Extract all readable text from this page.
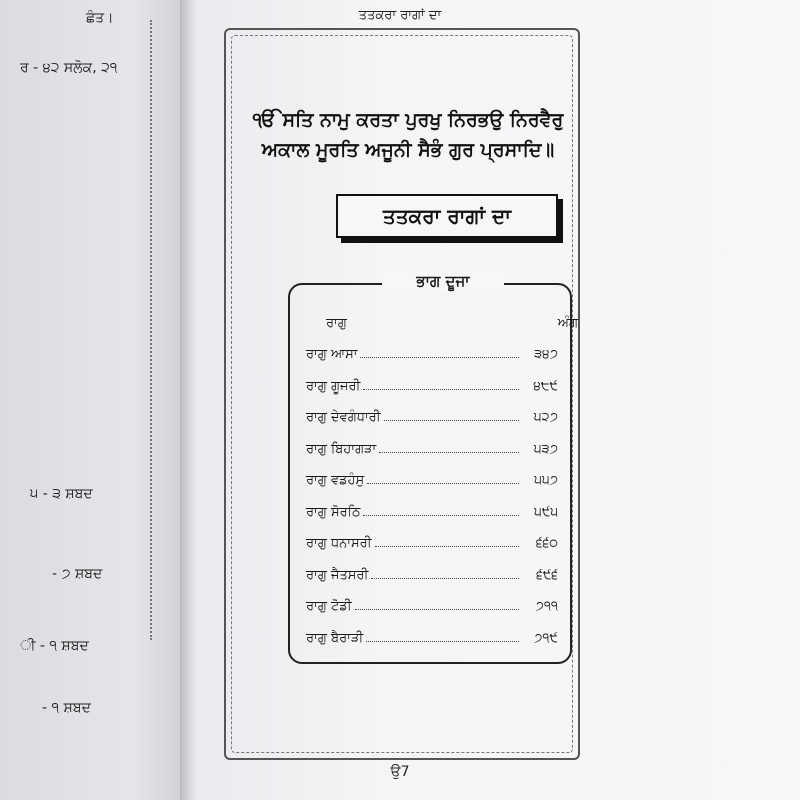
ਛੰਤ।
ਰ - ੪੨ ਸਲੋਕ, ੨੧
੫ - ੩ ਸ਼ਬਦ
- ੭ ਸ਼ਬਦ
ੀ - ੧ ਸ਼ਬਦ
- ੧ ਸ਼ਬਦ
ਤਤਕਰਾ ਰਾਗਾਂ ਦਾ
ੴ ਸਤਿ ਨਾਮੁ ਕਰਤਾ ਪੁਰਖੁ ਨਿਰਭਉ ਨਿਰਵੈਰੁ
ਅਕਾਲ ਮੂਰਤਿ ਅਜੂਨੀ ਸੈਭੰ ਗੁਰ ਪ੍ਰਸਾਦਿ॥
ਤਤਕਰਾ ਰਾਗਾਂ ਦਾ
ਭਾਗ ਦੂਜਾ
ਰਾਗੁ	ਅੰਗ
ਰਾਗੁ ਆਸਾ	੩੪੭
ਰਾਗੁ ਗੂਜਰੀ	੪੮੯
ਰਾਗੁ ਦੇਵਗੰਧਾਰੀ	੫੨੭
ਰਾਗੁ ਬਿਹਾਗੜਾ	੫੩੭
ਰਾਗੁ ਵਡਹੰਸੁ	੫੫੭
ਰਾਗੁ ਸੋਰਠਿ	੫੯੫
ਰਾਗੁ ਧਨਾਸਰੀ	੬੬੦
ਰਾਗੁ ਜੈਤਸਰੀ	੬੯੬
ਰਾਗੁ ਟੋਡੀ	੭੧੧
ਰਾਗੁ ਬੈਰਾੜੀ	੭੧੯
ਉ7
